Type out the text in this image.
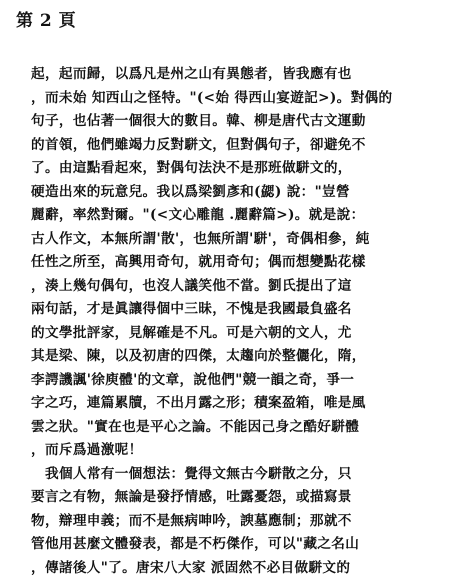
第 2 頁
起，起而歸，以爲凡是州之山有異態者，皆我應有也
，而未始 知西山之怪特。"(<始 得西山宴遊記>)。對偶的
句子，也佔著一個很大的數目。韓、柳是唐代古文運動
的首領，他們雖竭力反對駢文，但對偶句子，卻避免不
了。由這點看起來，對偶句法決不是那班做駢文的，
硬造出來的玩意兒。我以爲梁劉彥和(勰) 說："豈營
麗辭，率然對爾。"(<文心雕龍 .麗辭篇>)。就是說：
古人作文，本無所謂'散'，也無所謂'駢'，奇偶相參，純
任性之所至，高興用奇句，就用奇句；偶而想變點花樣
，湊上幾句偶句，也沒人議笑他不當。劉氏提出了這
兩句話，才是眞讓得個中三昧，不愧是我國最負盛名
的文學批評家，見解確是不凡。可是六朝的文人，尤
其是梁、陳，以及初唐的四傑，太趨向於整儷化，隋，
李諤譏諷'徐庾體'的文章，說他們"競一韻之奇，爭一
字之巧，連篇累牘，不出月露之形；積案盈箱，唯是風
雲之狀。"實在也是平心之論。不能因己身之酷好駢體
，而斥爲過激呢！
我個人常有一個想法：覺得文無古今駢散之分，只
要言之有物，無論是發抒情感，吐露憂怨，或描寫景
物，辯理申義；而不是無病呻吟，諛墓應制；那就不
管他用甚麼文體發表，都是不朽傑作，可以"藏之名山
，傳諸後人"了。唐宋八大家 派固然不必目做駢文的
